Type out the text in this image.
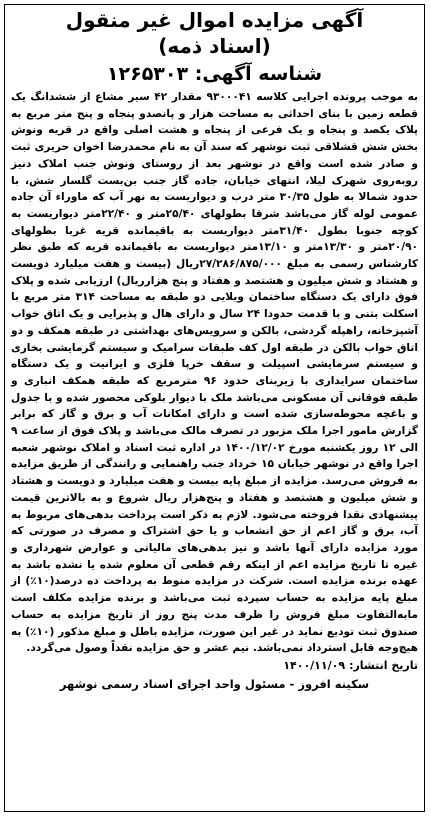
آگهی مزایده اموال غیر منقول
(اسناد ذمه)
شناسه آگهی: ۱۲۶۵۳۰۳
به موجب پرونده اجرایی کلاسه ۹۳۰۰۰۴۱ مقدار ۴۲ سیر مشاع از ششدانگ یک قطعه زمین با بنای احداثی به مساحت هزار و پانصدو پنجاه و پنج متر مربع به پلاک یکصد و پنجاه و یک فرعی از پنجاه و هشت اصلی واقع در قریه ونوش بخش شش قشلاقی ثبت نوشهر که سند آن به نام محمدرضا اخوان حریری ثبت و صادر شده است واقع در نوشهر بعد از روستای ونوش جنب املاک دنیز روبه‌روی شهرک لیلا، انتهای خیابان، جاده گاز جنب بن‌بست گلسار شش، با حدود شمالا به طول ۳۰/۳۵ متر درب و دیواریست به نهر آب که ماوراء آن جاده عمومی لوله گاز می‌باشد شرقا بطولهای ۲۵/۴۰متر و ۲۲/۴۰متر دیواریست به کوچه جنوبا بطول ۳۱/۴۰متر دیواریست به باقیمانده قریه غربا بطولهای ۲۰/۹۰متر و ۱۳/۳۰متر و ۱۳/۱۰متر دیواریست به باقیمانده قریه که طبق نظر کارشناس رسمی به مبلغ ۲۷/۲۸۶/۸۷۵/۰۰۰ریال (بیست و هفت میلیارد دویست و هشتاد و شش میلیون و هشتصد و هفتاد و پنج هزارریال) ارزیابی شده و پلاک فوق دارای یک دستگاه ساختمان ویلایی دو طبقه به مساحت ۳۱۴ متر مربع با اسکلت بتنی و با قدمت حدودا ۲۴ سال و دارای هال و پذیرایی و یک اتاق خواب آشپزخانه، راهپله گردشی، بالکن و سرویس‌های بهداشتی در طبقه همکف و دو اتاق خواب بالکن در طبقه اول کف طبقات سرامیک و سیستم گرمایشی بخاری و سیستم سرمایشی اسپیلت و سقف خرپا فلزی و ایرانیت و یک دستگاه ساختمان سرایداری با زیربنای حدود ۹۶ مترمربع که طبقه همکف انباری و طبقه فوقانی آن مسکونی می‌باشد ملک با دیوار بلوکی محصور شده و با جدول و باغچه محوطه‌سازی شده است و دارای امکانات آب و برق و گاز که برابر گزارش مامور اجرا ملک مزبور در تصرف مالک می‌باشد و پلاک فوق از ساعت ۹ الی ۱۲ روز یکشنبه مورخ ۱۴۰۰/۱۲/۰۲ در اداره ثبت اسناد و املاک نوشهر شعبه اجرا واقع در نوشهر خیابان ۱۵ خرداد جنب راهنمایی و رانندگی از طریق مزایده به فروش می‌رسد. مزایده از مبلغ پایه بیست و هفت میلیارد و دویست و هشتاد و شش میلیون و هشتصد و هفتاد و پنج‌هزار ریال شروع و به بالاترین قیمت پیشنهادی نقدا فروخته می‌شود. لازم به ذکر است پرداخت بدهی‌های مربوط به آب، برق و گاز اعم از حق انشعاب و یا حق اشتراک و مصرف در صورتی که مورد مزایده دارای آنها باشد و نیز بدهی‌های مالیاتی و عوارض شهرداری و غیره تا تاریخ مزایده اعم از اینکه رقم قطعی آن معلوم شده یا نشده باشد به عهده برنده مزایده است. شرکت در مزایده منوط به پرداخت ده درصد(۱۰٪) از مبلغ پایه مزایده به حساب سپرده ثبت می‌باشد و برنده مزایده مکلف است مابه‌التفاوت مبلغ فروش را ظرف مدت پنج روز از تاریخ مزایده به حساب صندوق ثبت تودیع نماید در غیر این صورت، مزایده باطل و مبلغ مذکور (۱۰٪) به هیچ‌وجه قابل استرداد نمی‌باشد. نیم عشر و حق مزایده نقداً وصول می‌گردد.
تاریخ انتشار:
۱۴۰۰/۱۱/۰۹
سکینه افروز - مسئول واحد اجرای اسناد رسمی نوشهر
